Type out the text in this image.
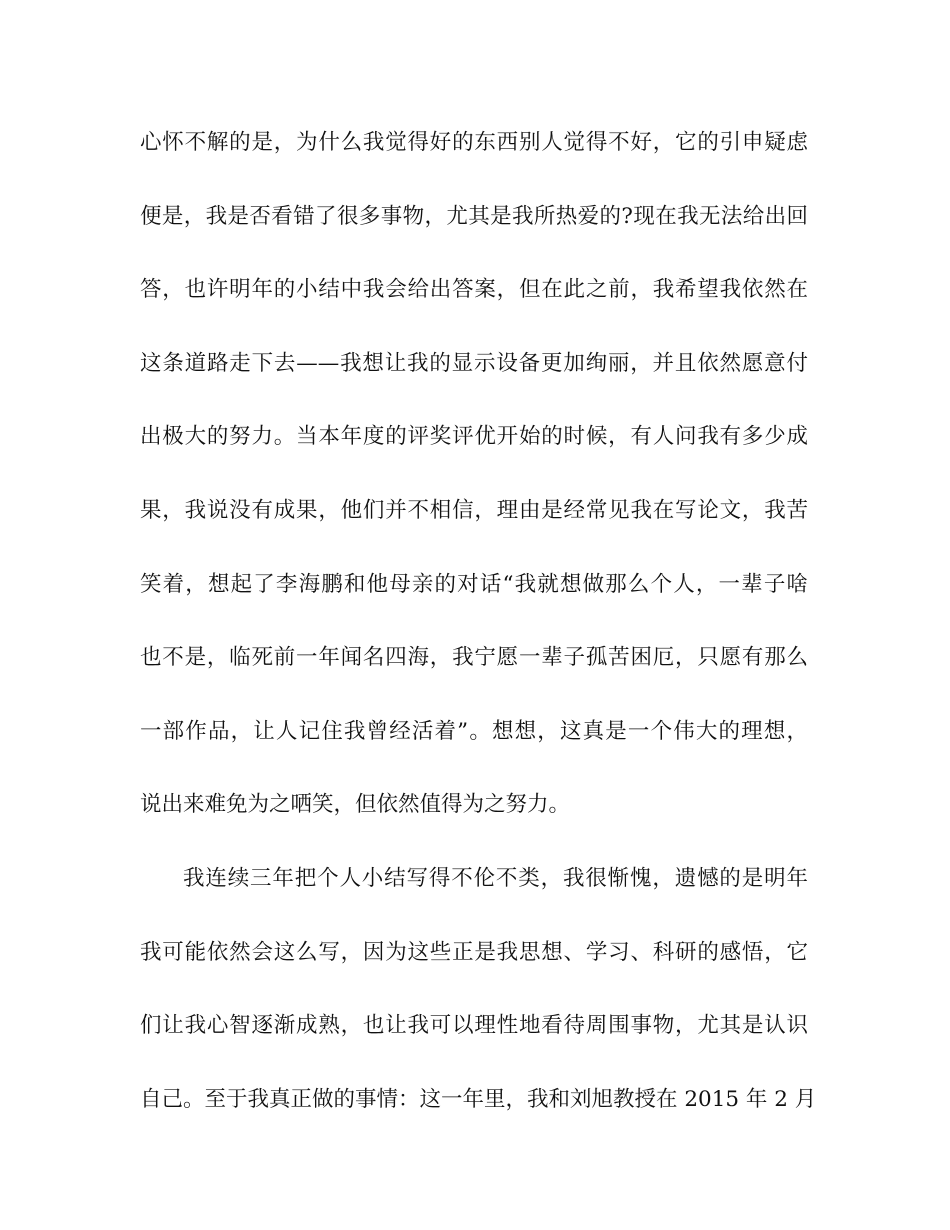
心怀不解的是，为什么我觉得好的东西别人觉得不好，它的引申疑虑
便是，我是否看错了很多事物，尤其是我所热爱的?现在我无法给出回
答，也许明年的小结中我会给出答案，但在此之前，我希望我依然在
这条道路走下去——我想让我的显示设备更加绚丽，并且依然愿意付
出极大的努力。当本年度的评奖评优开始的时候，有人问我有多少成
果，我说没有成果，他们并不相信，理由是经常见我在写论文，我苦
笑着，想起了李海鹏和他母亲的对话“我就想做那么个人，一辈子啥
也不是，临死前一年闻名四海，我宁愿一辈子孤苦困厄，只愿有那么
一部作品，让人记住我曾经活着”。想想，这真是一个伟大的理想，
说出来难免为之哂笑，但依然值得为之努力。
我连续三年把个人小结写得不伦不类，我很惭愧，遗憾的是明年
我可能依然会这么写，因为这些正是我思想、学习、科研的感悟，它
们让我心智逐渐成熟，也让我可以理性地看待周围事物，尤其是认识
自己。至于我真正做的事情：这一年里，我和刘旭教授在 2015 年 2 月
